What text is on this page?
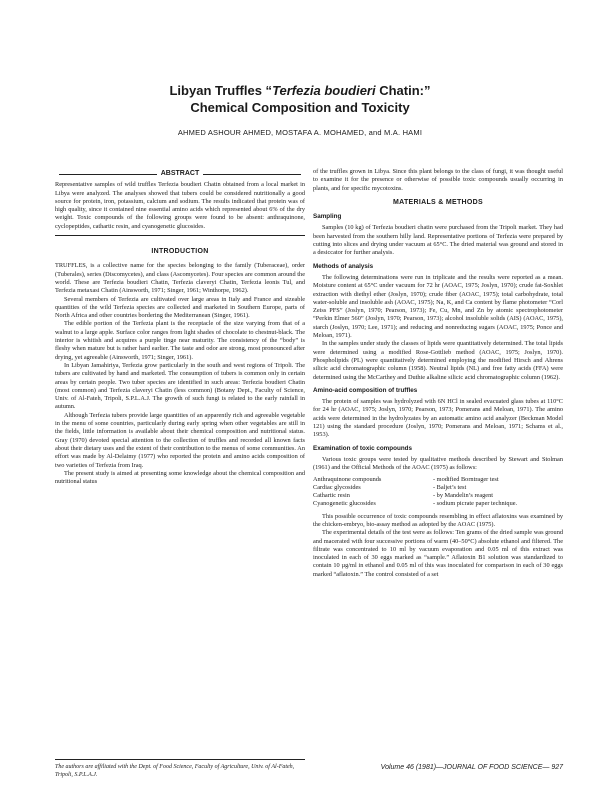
Libyan Truffles “Terfezia boudieri Chatin:”
Chemical Composition and Toxicity
AHMED ASHOUR AHMED, MOSTAFA A. MOHAMED, and M.A. HAMI
ABSTRACT

Representative samples of wild truffles Terfezia boudieri Chatin obtained from a local market in Libya were analyzed. The analyses showed that tubers could be considered nutritionally a good source for protein, iron, potassium, calcium and sodium. The results indicated that protein was of high quality, since it contained nine essential amino acids which represented about 6% of the dry weight. Toxic compounds of the following groups were found to be absent: anthraquinone, cyclopeptides, cathartic resin, and cyanogenetic glucosides.

INTRODUCTION

TRUFFLES, is a collective name for the species belonging to the family (Tuberaceae), order (Tuberales), series (Discomycetes), and class (Ascomycetes). Four species are common around the world. These are Terfezia boudieri Chatin, Terfezia claveryi Chatin, Terfezia leonis Tul, and Terfezia metaxasi Chatin (Ainsworth, 1971; Singer, 1961; Winthorpe, 1962).

Several members of Terfezia are cultivated over large areas in Italy and France and sizeable quantities of the wild Terfezia species are collected and marketed in Southern Europe, parts of North Africa and other countries bordering the Mediterranean (Singer, 1961).

The edible portion of the Terfezia plant is the receptacle of the size varying from that of a walnut to a large apple. Surface color ranges from light shades of chocolate to chestnut-black. The interior is whitish and acquires a purple tinge near maturity. The consistency of the “body” is fleshy when mature but is rather hard earlier. The taste and odor are strong, most pronounced after drying, yet agreeable (Ainsworth, 1971; Singer, 1961).

In Libyan Jamahiriya, Terfezia grow particularly in the south and west regions of Tripoli. The tubers are cultivated by hand and marketed. The consumption of tubers is common only in certain areas by certain people. Two tuber species are identified in such areas: Terfezia boudieri Chatin (most common) and Terfezia claveryi Chatin (less common) (Botany Dept., Faculty of Science, Univ. of Al-Fateh, Tripoli, S.P.L.A.J. The growth of such fungi is related to the early rainfall in autumn.

Although Terfezia tubers provide large quantities of an apparently rich and agreeable vegetable in the menu of some countries, particularly during early spring when other vegetables are still in the fields, little information is available about their chemical composition and nutritional status. Gray (1970) devoted special attention to the collection of truffles and recorded all known facts about their dietary uses and the extent of their contribution to the menus of some communities. An effort was made by Al-Delaimy (1977) who reported the protein and amino acids composition of two varieties of Terfezia from Iraq.

The present study is aimed at presenting some knowledge about the chemical composition and nutritional status

of the truffles grown in Libya. Since this plant belongs to the class of fungi, it was thought useful to examine it for the presence or otherwise of possible toxic compounds usually occurring in plants, and for specific mycotoxins.

MATERIALS & METHODS
Sampling

Samples (10 kg) of Terfezia boudieri chatin were purchased from the Tripoli market. They had been harvested from the southern hilly land. Representative portions of Terfezia were prepared by cutting into slices and drying under vacuum at 65°C. The dried material was ground and stored in a desiccator for further analysis.

Methods of analysis

The following determinations were run in triplicate and the results were reported as a mean. Moisture content at 65°C under vacuum for 72 hr (AOAC, 1975; Joslyn, 1970); crude fat-Soxhlet extraction with diethyl ether (Joslyn, 1970); crude fiber (AOAC, 1975); total carbohydrate, total water-soluble and insoluble ash (AOAC, 1975); Na, K, and Ca content by flame photometer “Corl Zeiss PFS” (Joslyn, 1970; Pearson, 1973); Fe, Cu, Mn, and Zn by atomic spectrophotometer “Perkin Elmer 560” (Joslyn, 1970; Pearson, 1973); alcohol insoluble solids (AIS) (AOAC, 1975), starch (Joslyn, 1970; Lee, 1971); and reducing and nonreducing sugars (AOAC, 1975; Ponce and Meloan, 1971).

In the samples under study the classes of lipids were quantitatively determined. The total lipids were determined using a modified Rose-Gottlieb method (AOAC, 1975; Joslyn, 1970). Phospholipids (PL) were quantitatively determined employing the modified Hirsch and Ahrens silicic acid chromatographic column (1958). Neutral lipids (NL) and free fatty acids (FFA) were determined using the McCarthey and Duthie alkaline silicic acid chromatographic column (1962).

Amino-acid composition of truffles

The protein of samples was hydrolyzed with 6N HCl in sealed evacuated glass tubes at 110°C for 24 hr (AOAC, 1975; Joslyn, 1970; Pearson, 1973; Pomerans and Meloan, 1971). The amino acids were determined in the hydrolyzates by an automatic amino acid analyzer (Beckman Model 121) using the standard procedure (Joslyn, 1970; Pomerans and Meloan, 1971; Schams et al., 1953).

Examination of toxic compounds

Various toxic groups were tested by qualitative methods described by Stewart and Stolman (1961) and the Official Methods of the AOAC (1975) as follows:

Anthraquinone compounds	- modified Borntrager test
Cardiac glycosides	- Baljet’s test
Cathartic resin	- by Mandelin’s reagent
Cyanogenetic glucosides	- sodium picrate paper technique.

This possible occurrence of toxic compounds resembling in effect aflatoxins was examined by the chicken-embryo, bio-assay method as adopted by the AOAC (1975).

The experimental details of the test were as follows: Ten grams of the dried sample was ground and macerated with four successive portions of warm (40–50°C) absolute ethanol and filtered. The filtrate was concentrated to 10 ml by vacuum evaporation and 0.05 ml of this extract was inoculated in each of 30 eggs marked as “sample.” Aflatoxin B1 solution was standardized to contain 10 µg/ml in ethanol and 0.05 ml of this was inoculated for comparison in each of 30 eggs marked “aflatoxin.” The control consisted of a set

The authors are affiliated with the Dept. of Food Science, Faculty of Agriculture, Univ. of Al-Fateh, Tripoli, S.P.L.A.J.
Volume 46 (1981)—JOURNAL OF FOOD SCIENCE— 927
